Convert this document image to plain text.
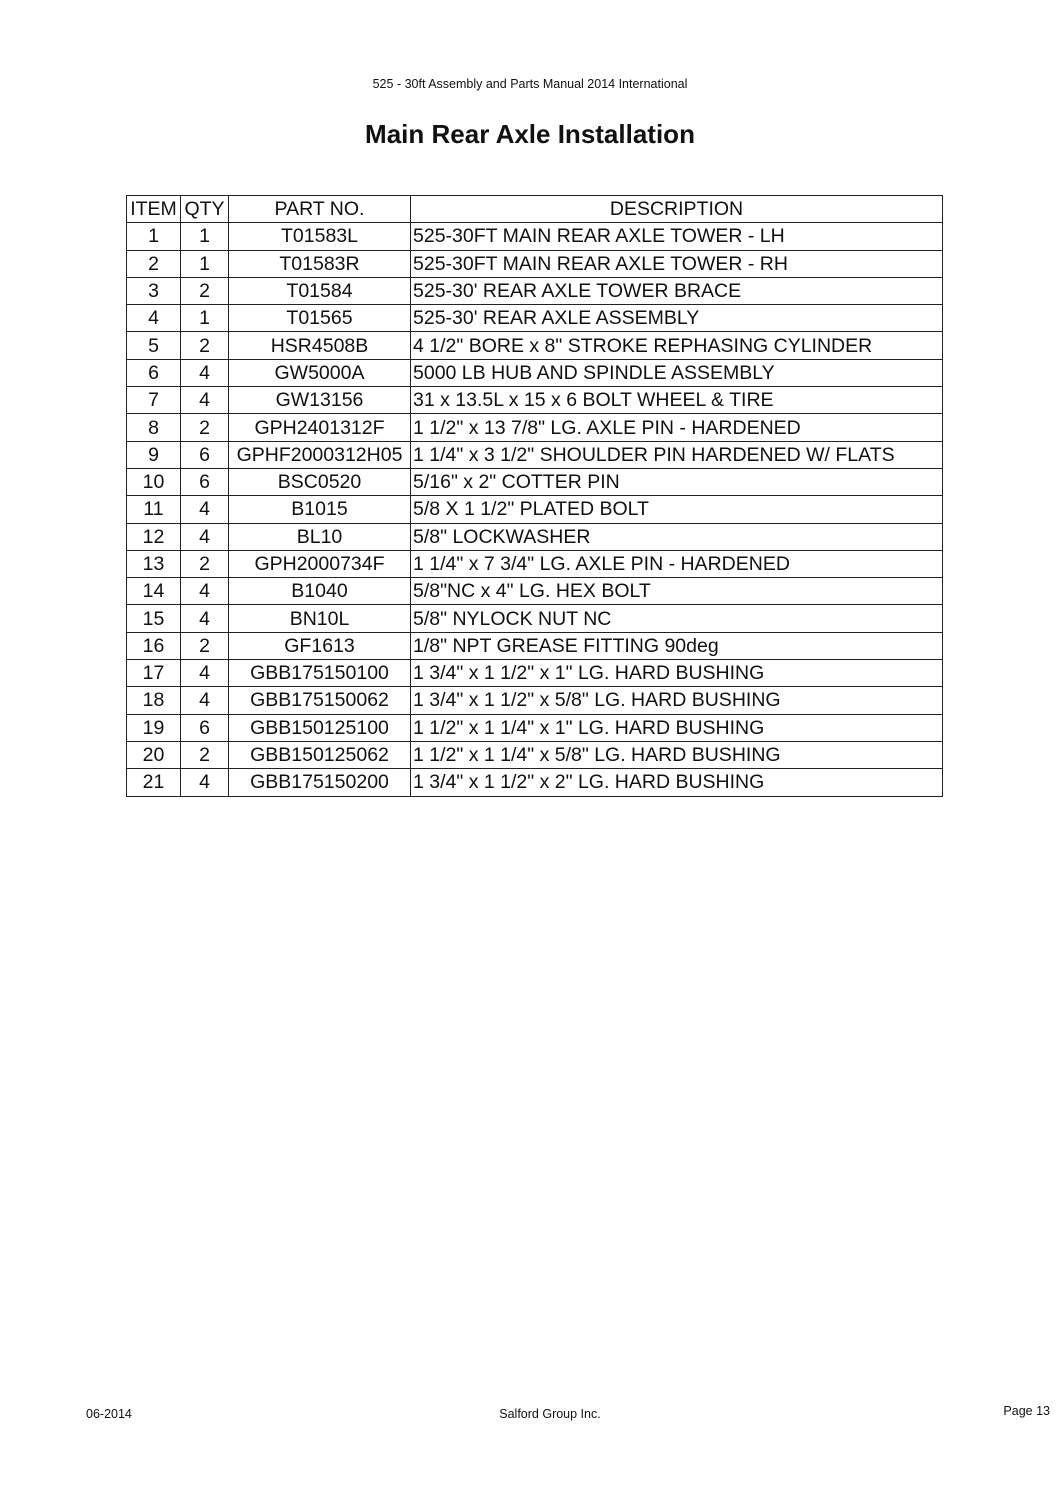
525 - 30ft Assembly and Parts Manual 2014 International
Main Rear Axle Installation
ITEM	QTY	PART NO.	DESCRIPTION
1	1	T01583L	525-30FT MAIN REAR AXLE TOWER - LH
2	1	T01583R	525-30FT MAIN REAR AXLE TOWER - RH
3	2	T01584	525-30' REAR AXLE TOWER BRACE
4	1	T01565	525-30' REAR AXLE ASSEMBLY
5	2	HSR4508B	4 1/2" BORE x 8" STROKE REPHASING CYLINDER
6	4	GW5000A	5000 LB HUB AND SPINDLE ASSEMBLY
7	4	GW13156	31 x 13.5L x 15 x 6 BOLT WHEEL & TIRE
8	2	GPH2401312F	1 1/2" x 13 7/8" LG. AXLE PIN - HARDENED
9	6	GPHF2000312H05	1 1/4" x 3 1/2" SHOULDER PIN HARDENED W/ FLATS
10	6	BSC0520	5/16" x 2" COTTER PIN
11	4	B1015	5/8 X 1 1/2" PLATED BOLT
12	4	BL10	5/8" LOCKWASHER
13	2	GPH2000734F	1 1/4" x 7 3/4" LG. AXLE PIN - HARDENED
14	4	B1040	5/8"NC x 4" LG. HEX BOLT
15	4	BN10L	5/8" NYLOCK NUT NC
16	2	GF1613	1/8" NPT GREASE FITTING 90deg
17	4	GBB175150100	1 3/4" x 1 1/2" x 1" LG. HARD BUSHING
18	4	GBB175150062	1 3/4" x 1 1/2" x 5/8" LG. HARD BUSHING
19	6	GBB150125100	1 1/2" x 1 1/4" x 1" LG. HARD BUSHING
20	2	GBB150125062	1 1/2" x 1 1/4" x 5/8" LG. HARD BUSHING
21	4	GBB175150200	1 3/4" x 1 1/2" x 2" LG. HARD BUSHING
06-2014	Salford Group Inc.	Page 13
